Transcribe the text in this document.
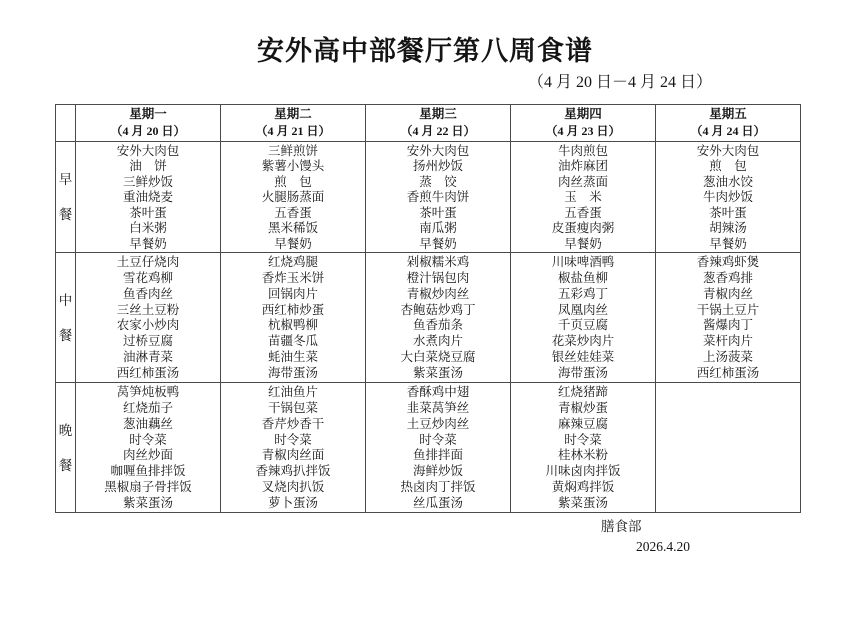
安外高中部餐厅第八周食谱
（4 月 20 日－4 月 24 日）

星期一
（4 月 20 日）

星期二
（4 月 21 日）

星期三
（4 月 22 日）

星期四
（4 月 23 日）

星期五
（4 月 24 日）

早餐	
安外大肉包
油　饼
三鲜炒饭
重油烧麦
茶叶蛋
白米粥
早餐奶

三鲜煎饼
紫薯小馒头
煎　包
火腿肠蒸面
五香蛋
黑米稀饭
早餐奶

安外大肉包
扬州炒饭
蒸　饺
香煎牛肉饼
茶叶蛋
南瓜粥
早餐奶

牛肉煎包
油炸麻团
肉丝蒸面
玉　米
五香蛋
皮蛋瘦肉粥
早餐奶

安外大肉包
煎　包
葱油水饺
牛肉炒饭
茶叶蛋
胡辣汤
早餐奶

中餐	
土豆仔烧肉
雪花鸡柳
鱼香肉丝
三丝土豆粉
农家小炒肉
过桥豆腐
油淋青菜
西红柿蛋汤

红烧鸡腿
香炸玉米饼
回锅肉片
西红柿炒蛋
杭椒鸭柳
苗疆冬瓜
蚝油生菜
海带蛋汤

剁椒糯米鸡
橙汁锅包肉
青椒炒肉丝
杏鲍菇炒鸡丁
鱼香茄条
水煮肉片
大白菜烧豆腐
紫菜蛋汤

川味啤酒鸭
椒盐鱼柳
五彩鸡丁
凤凰肉丝
千页豆腐
花菜炒肉片
银丝娃娃菜
海带蛋汤

香辣鸡虾煲
葱香鸡排
青椒肉丝
干锅土豆片
酱爆肉丁
菜杆肉片
上汤菠菜
西红柿蛋汤

晚餐	
莴笋炖板鸭
红烧茄子
葱油藕丝
时令菜
肉丝炒面
咖喱鱼排拌饭
黑椒扇子骨拌饭
紫菜蛋汤

红油鱼片
干锅包菜
香芹炒香干
时令菜
青椒肉丝面
香辣鸡扒拌饭
叉烧肉扒饭
萝卜蛋汤

香酥鸡中翅
韭菜莴笋丝
土豆炒肉丝
时令菜
鱼排拌面
海鲜炒饭
热卤肉丁拌饭
丝瓜蛋汤

红烧猪蹄
青椒炒蛋
麻辣豆腐
时令菜
桂林米粉
川味卤肉拌饭
黄焖鸡拌饭
紫菜蛋汤

膳食部
2026.4.20
